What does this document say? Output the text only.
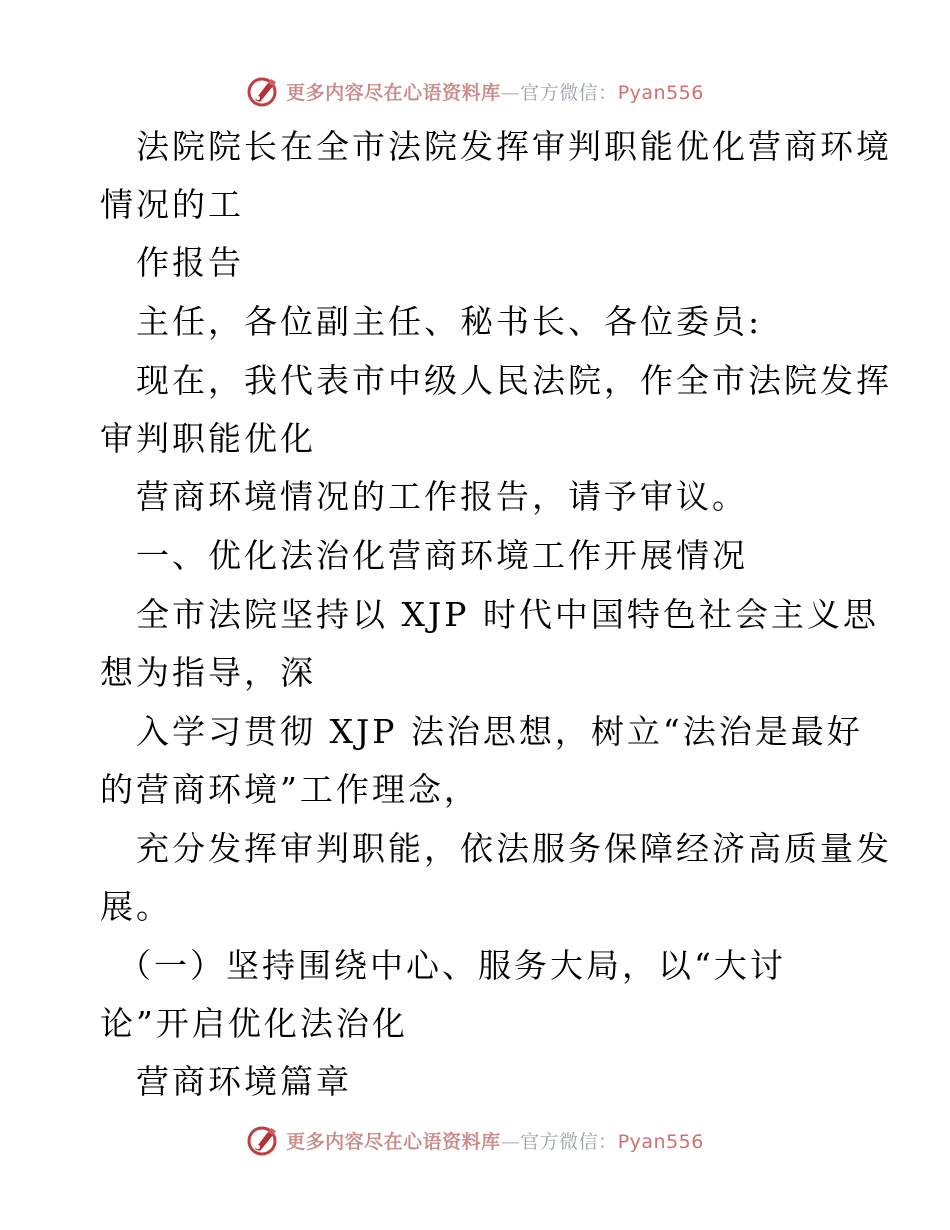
更多内容尽在心语资料库—官方微信：Pyan556
法院院长在全市法院发挥审判职能优化营商环境
情况的工
作报告
主任，各位副主任、秘书长、各位委员:
现在，我代表市中级人民法院，作全市法院发挥
审判职能优化
营商环境情况的工作报告，请予审议。
一、优化法治化营商环境工作开展情况
全市法院坚持以 XJP 时代中国特色社会主义思
想为指导，深
入学习贯彻 XJP 法治思想，树立“法治是最好
的营商环境”工作理念，
充分发挥审判职能，依法服务保障经济高质量发
展。
（一）坚持围绕中心、服务大局，以“大讨
论”开启优化法治化
营商环境篇章
更多内容尽在心语资料库—官方微信：Pyan556
